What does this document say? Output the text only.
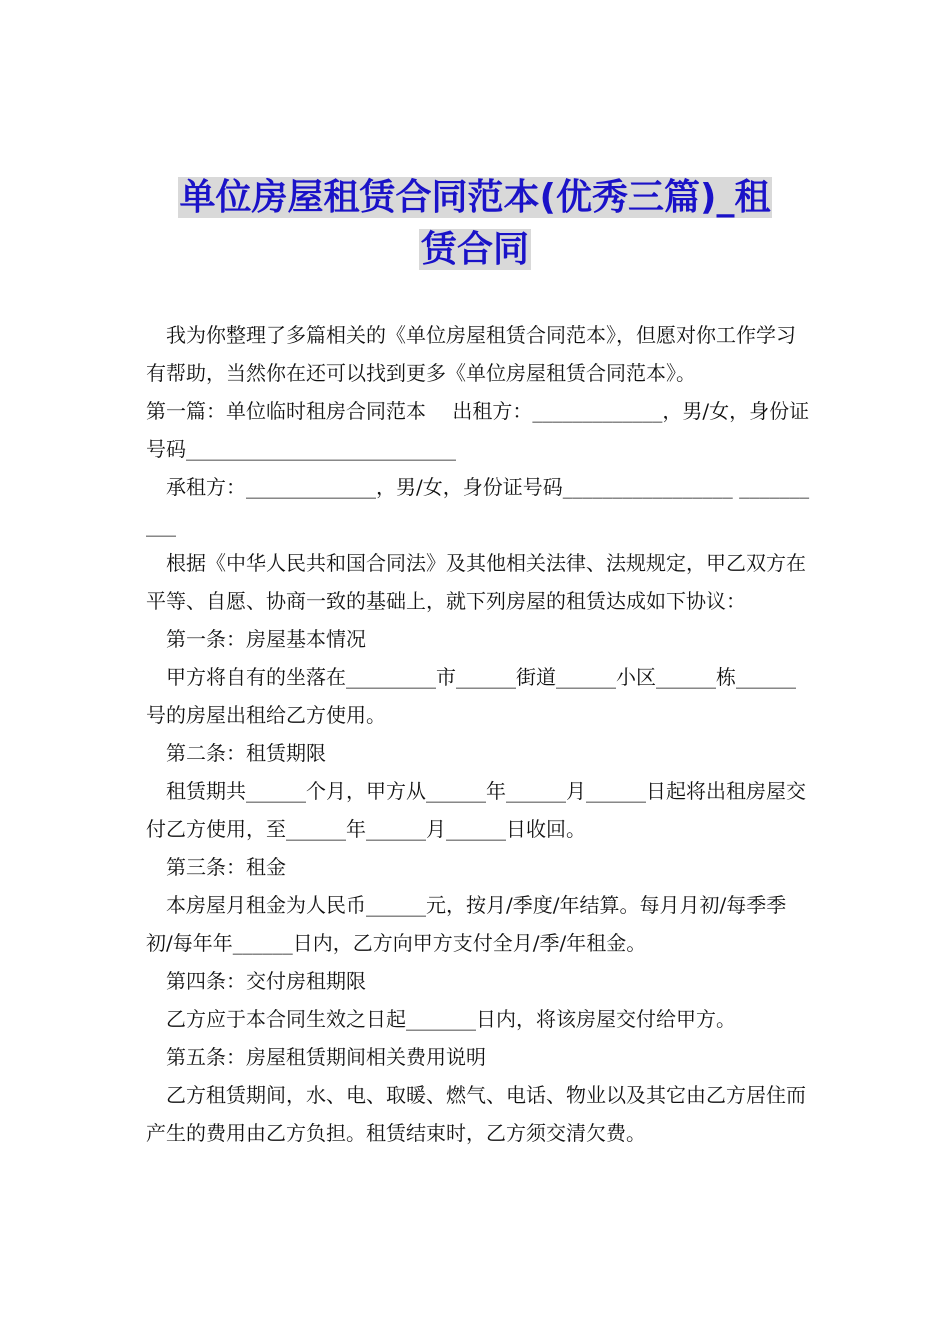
单位房屋租赁合同范本(优秀三篇)_租
赁合同

我为你整理了多篇相关的《单位房屋租赁合同范本》，但愿对你工作学习有帮助，当然你在还可以找到更多《单位房屋租赁合同范本》。

第一篇：单位临时租房合同范本　 出租方：_____________，男/女，身份证号码___________________________

承租方：_____________，男/女，身份证号码_________________ __________

根据《中华人民共和国合同法》及其他相关法律、法规规定，甲乙双方在平等、自愿、协商一致的基础上，就下列房屋的租赁达成如下协议：

第一条：房屋基本情况

甲方将自有的坐落在_________市______街道______小区______栋______号的房屋出租给乙方使用。

第二条：租赁期限

租赁期共______个月，甲方从______年______月______日起将出租房屋交付乙方使用，至______年______月______日收回。

第三条：租金

本房屋月租金为人民币______元，按月/季度/年结算。每月月初/每季季初/每年年______日内，乙方向甲方支付全月/季/年租金。

第四条：交付房租期限

乙方应于本合同生效之日起_______日内，将该房屋交付给甲方。

第五条：房屋租赁期间相关费用说明

乙方租赁期间，水、电、取暖、燃气、电话、物业以及其它由乙方居住而产生的费用由乙方负担。租赁结束时，乙方须交清欠费。
